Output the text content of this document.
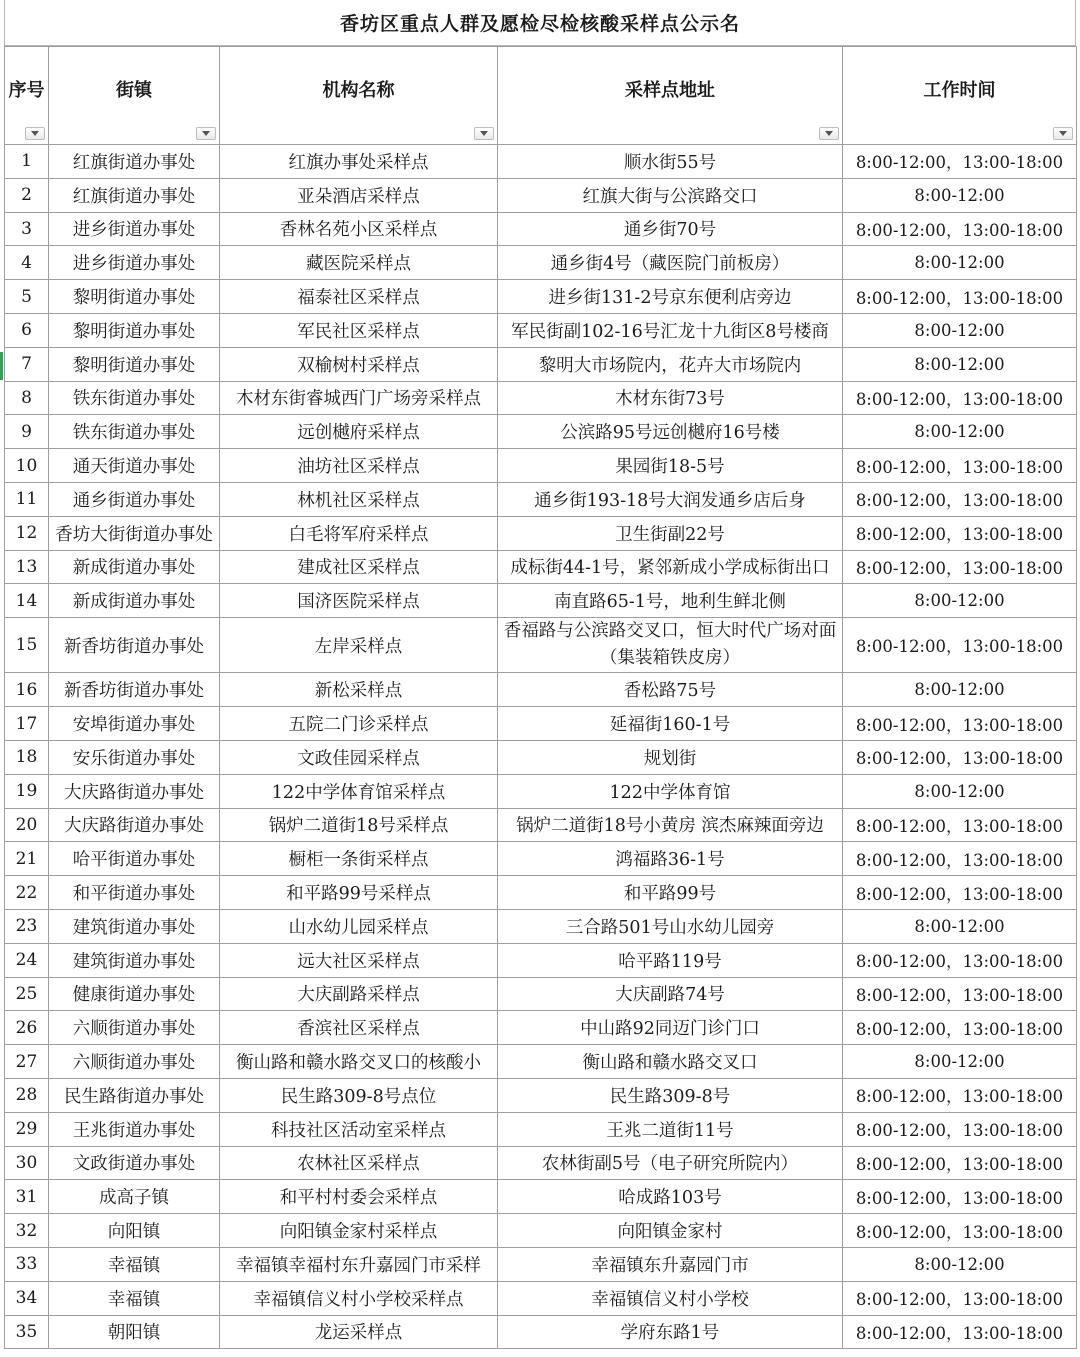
香坊区重点人群及愿检尽检核酸采样点公示名
序号	街镇	机构名称	采样点地址	工作时间

1	红旗街道办事处	红旗办事处采样点	顺水街55号	8:00-12:00，13:00-18:00
2	红旗街道办事处	亚朵酒店采样点	红旗大街与公滨路交口	8:00-12:00
3	进乡街道办事处	香林名苑小区采样点	通乡街70号	8:00-12:00，13:00-18:00
4	进乡街道办事处	藏医院采样点	通乡街4号（藏医院门前板房）	8:00-12:00
5	黎明街道办事处	福泰社区采样点	进乡街131-2号京东便利店旁边	8:00-12:00，13:00-18:00
6	黎明街道办事处	军民社区采样点	军民街副102-16号汇龙十九街区8号楼商	8:00-12:00
7	黎明街道办事处	双榆树村采样点	黎明大市场院内，花卉大市场院内	8:00-12:00
8	铁东街道办事处	木材东街睿城西门广场旁采样点	木材东街73号	8:00-12:00，13:00-18:00
9	铁东街道办事处	远创樾府采样点	公滨路95号远创樾府16号楼	8:00-12:00
10	通天街道办事处	油坊社区采样点	果园街18-5号	8:00-12:00，13:00-18:00
11	通乡街道办事处	林机社区采样点	通乡街193-18号大润发通乡店后身	8:00-12:00，13:00-18:00
12	香坊大街街道办事处	白毛将军府采样点	卫生街副22号	8:00-12:00，13:00-18:00
13	新成街道办事处	建成社区采样点	成标街44-1号，紧邻新成小学成标街出口	8:00-12:00，13:00-18:00
14	新成街道办事处	国济医院采样点	南直路65-1号，地利生鲜北侧	8:00-12:00
15	新香坊街道办事处	左岸采样点	香福路与公滨路交叉口，恒大时代广场对面（集装箱铁皮房）	8:00-12:00，13:00-18:00
16	新香坊街道办事处	新松采样点	香松路75号	8:00-12:00
17	安埠街道办事处	五院二门诊采样点	延福街160-1号	8:00-12:00，13:00-18:00
18	安乐街道办事处	文政佳园采样点	规划街	8:00-12:00，13:00-18:00
19	大庆路街道办事处	122中学体育馆采样点	122中学体育馆	8:00-12:00
20	大庆路街道办事处	锅炉二道街18号采样点	锅炉二道街18号小黄房 滨杰麻辣面旁边	8:00-12:00，13:00-18:00
21	哈平街道办事处	橱柜一条街采样点	鸿福路36-1号	8:00-12:00，13:00-18:00
22	和平街道办事处	和平路99号采样点	和平路99号	8:00-12:00，13:00-18:00
23	建筑街道办事处	山水幼儿园采样点	三合路501号山水幼儿园旁	8:00-12:00
24	建筑街道办事处	远大社区采样点	哈平路119号	8:00-12:00，13:00-18:00
25	健康街道办事处	大庆副路采样点	大庆副路74号	8:00-12:00，13:00-18:00
26	六顺街道办事处	香滨社区采样点	中山路92同迈门诊门口	8:00-12:00，13:00-18:00
27	六顺街道办事处	衡山路和赣水路交叉口的核酸小	衡山路和赣水路交叉口	8:00-12:00
28	民生路街道办事处	民生路309-8号点位	民生路309-8号	8:00-12:00，13:00-18:00
29	王兆街道办事处	科技社区活动室采样点	王兆二道街11号	8:00-12:00，13:00-18:00
30	文政街道办事处	农林社区采样点	农林街副5号（电子研究所院内）	8:00-12:00，13:00-18:00
31	成高子镇	和平村村委会采样点	哈成路103号	8:00-12:00，13:00-18:00
32	向阳镇	向阳镇金家村采样点	向阳镇金家村	8:00-12:00，13:00-18:00
33	幸福镇	幸福镇幸福村东升嘉园门市采样	幸福镇东升嘉园门市	8:00-12:00
34	幸福镇	幸福镇信义村小学校采样点	幸福镇信义村小学校	8:00-12:00，13:00-18:00
35	朝阳镇	龙运采样点	学府东路1号	8:00-12:00，13:00-18:00
